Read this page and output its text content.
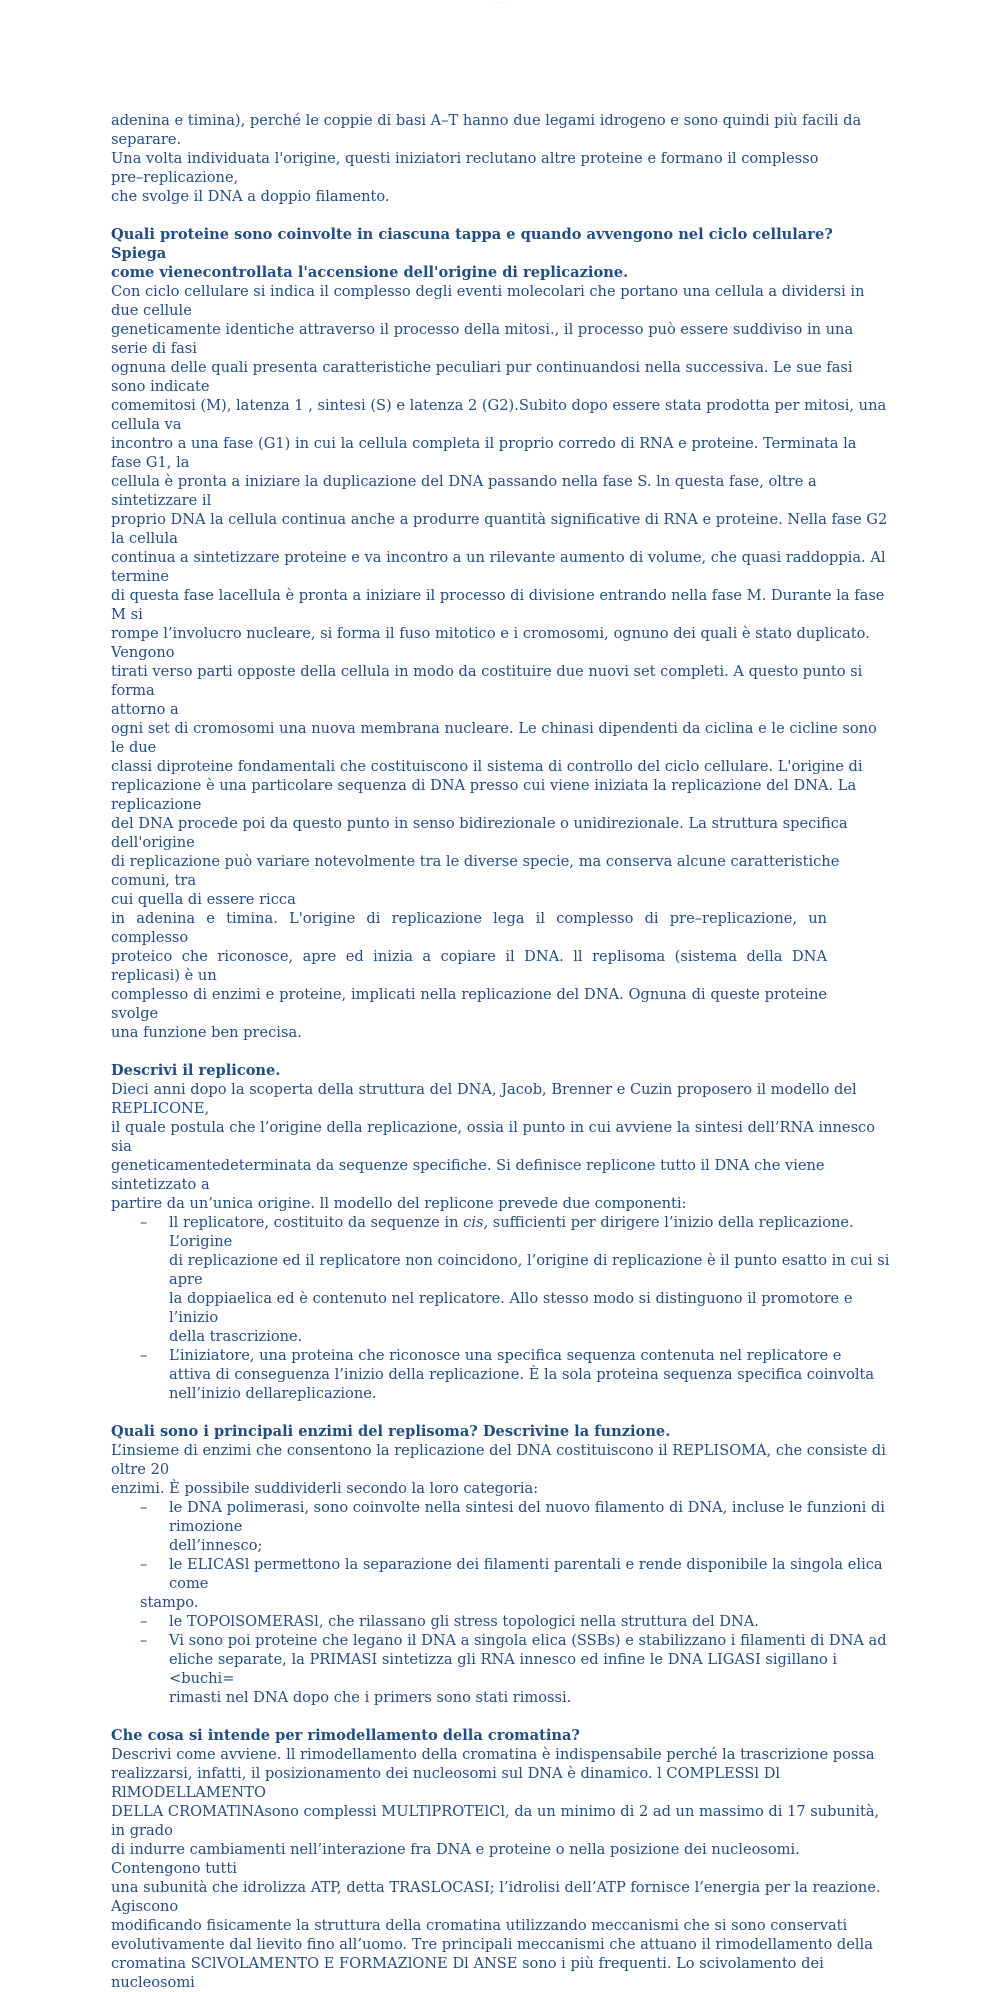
· · · · ·

adenina e timina), perché le coppie di basi A–T hanno due legami idrogeno e sono quindi più facili da separare.

Una volta individuata l'origine, questi iniziatori reclutano altre proteine e formano il complesso

pre–replicazione,

che svolge il DNA a doppio filamento.

Quali proteine sono coinvolte in ciascuna tappa e quando avvengono nel ciclo cellulare? Spiega
come vienecontrollata l'accensione dell'origine di replicazione.

Con ciclo cellulare si indica il complesso degli eventi molecolari che portano una cellula a dividersi in due cellule

geneticamente identiche attraverso il processo della mitosi., il processo può essere suddiviso in una serie di fasi

ognuna delle quali presenta caratteristiche peculiari pur continuandosi nella successiva. Le sue fasi sono indicate

comemitosi (M), latenza 1 , sintesi (S) e latenza 2 (G2).Subito dopo essere stata prodotta per mitosi, una cellula va

incontro a una fase (G1) in cui la cellula completa il proprio corredo di RNA e proteine. Terminata la fase G1, la

cellula è pronta a iniziare la duplicazione del DNA passando nella fase S. ln questa fase, oltre a sintetizzare il

proprio DNA la cellula continua anche a produrre quantità significative di RNA e proteine. Nella fase G2 la cellula

continua a sintetizzare proteine e va incontro a un rilevante aumento di volume, che quasi raddoppia. Al termine

di questa fase lacellula è pronta a iniziare il processo di divisione entrando nella fase M. Durante la fase M si

rompe l’involucro nucleare, si forma il fuso mitotico e i cromosomi, ognuno dei quali è stato duplicato. Vengono

tirati verso parti opposte della cellula in modo da costituire due nuovi set completi. A questo punto si forma

attorno a

ogni set di cromosomi una nuova membrana nucleare. Le chinasi dipendenti da ciclina e le cicline sono le due

classi diproteine fondamentali che costituiscono il sistema di controllo del ciclo cellulare. L'origine di

replicazione è una particolare sequenza di DNA presso cui viene iniziata la replicazione del DNA. La replicazione

del DNA procede poi da questo punto in senso bidirezionale o unidirezionale. La struttura specifica dell'origine

di replicazione può variare notevolmente tra le diverse specie, ma conserva alcune caratteristiche comuni, tra

cui quella di essere ricca

in adenina e timina. L'origine di replicazione lega il complesso di pre–replicazione, un complesso

proteico che riconosce, apre ed inizia a copiare il DNA. ll replisoma (sistema della DNA replicasi) è un

complesso di enzimi e proteine, implicati nella replicazione del DNA. Ognuna di queste proteine svolge

una funzione ben precisa.

Descrivi il replicone.

Dieci anni dopo la scoperta della struttura del DNA, Jacob, Brenner e Cuzin proposero il modello del REPLICONE,

il quale postula che l’origine della replicazione, ossia il punto in cui avviene la sintesi dell’RNA innesco sia

geneticamentedeterminata da sequenze specifiche. Si definisce replicone tutto il DNA che viene sintetizzato a

partire da un’unica origine. ll modello del replicone prevede due componenti:

– ll replicatore, costituito da sequenze in cis, sufficienti per dirigere l’inizio della replicazione. L’origine
di replicazione ed il replicatore non coincidono, l’origine di replicazione è il punto esatto in cui si apre
la doppiaelica ed è contenuto nel replicatore. Allo stesso modo si distinguono il promotore e l’inizio
della trascrizione.
– L’iniziatore, una proteina che riconosce una specifica sequenza contenuta nel replicatore e
attiva di conseguenza l’inizio della replicazione. È la sola proteina sequenza specifica coinvolta
nell’inizio dellareplicazione.
Quali sono i principali enzimi del replisoma? Descrivine la funzione.

L’insieme di enzimi che consentono la replicazione del DNA costituiscono il REPLISOMA, che consiste di oltre 20

enzimi. È possibile suddividerli secondo la loro categoria:

– le DNA polimerasi, sono coinvolte nella sintesi del nuovo filamento di DNA, incluse le funzioni di rimozione
dell’innesco;
– le ELICASl permettono la separazione dei filamenti parentali e rende disponibile la singola elica come
stampo.
– le TOPOlSOMERASl, che rilassano gli stress topologici nella struttura del DNA.
– Vi sono poi proteine che legano il DNA a singola elica (SSBs) e stabilizzano i filamenti di DNA ad
eliche separate, la PRIMASI sintetizza gli RNA innesco ed infine le DNA LIGASI sigillano i <buchi=
rimasti nel DNA dopo che i primers sono stati rimossi.
Che cosa si intende per rimodellamento della cromatina?

Descrivi come avviene. ll rimodellamento della cromatina è indispensabile perché la trascrizione possa

realizzarsi, infatti, il posizionamento dei nucleosomi sul DNA è dinamico. l COMPLESSl Dl RlMODELLAMENTO

DELLA CROMATlNAsono complessi MULTlPROTElCl, da un minimo di 2 ad un massimo di 17 subunità, in grado

di indurre cambiamenti nell’interazione fra DNA e proteine o nella posizione dei nucleosomi. Contengono tutti

una subunità che idrolizza ATP, detta TRASLOCASI; l’idrolisi dell’ATP fornisce l’energia per la reazione. Agiscono

modificando fisicamente la struttura della cromatina utilizzando meccanismi che si sono conservati

evolutivamente dal lievito fino all’uomo. Tre principali meccanismi che attuano il rimodellamento della

cromatina SClVOLAMENTO E FORMAZlONE Dl ANSE sono i più frequenti. Lo scivolamento dei nucleosomi
